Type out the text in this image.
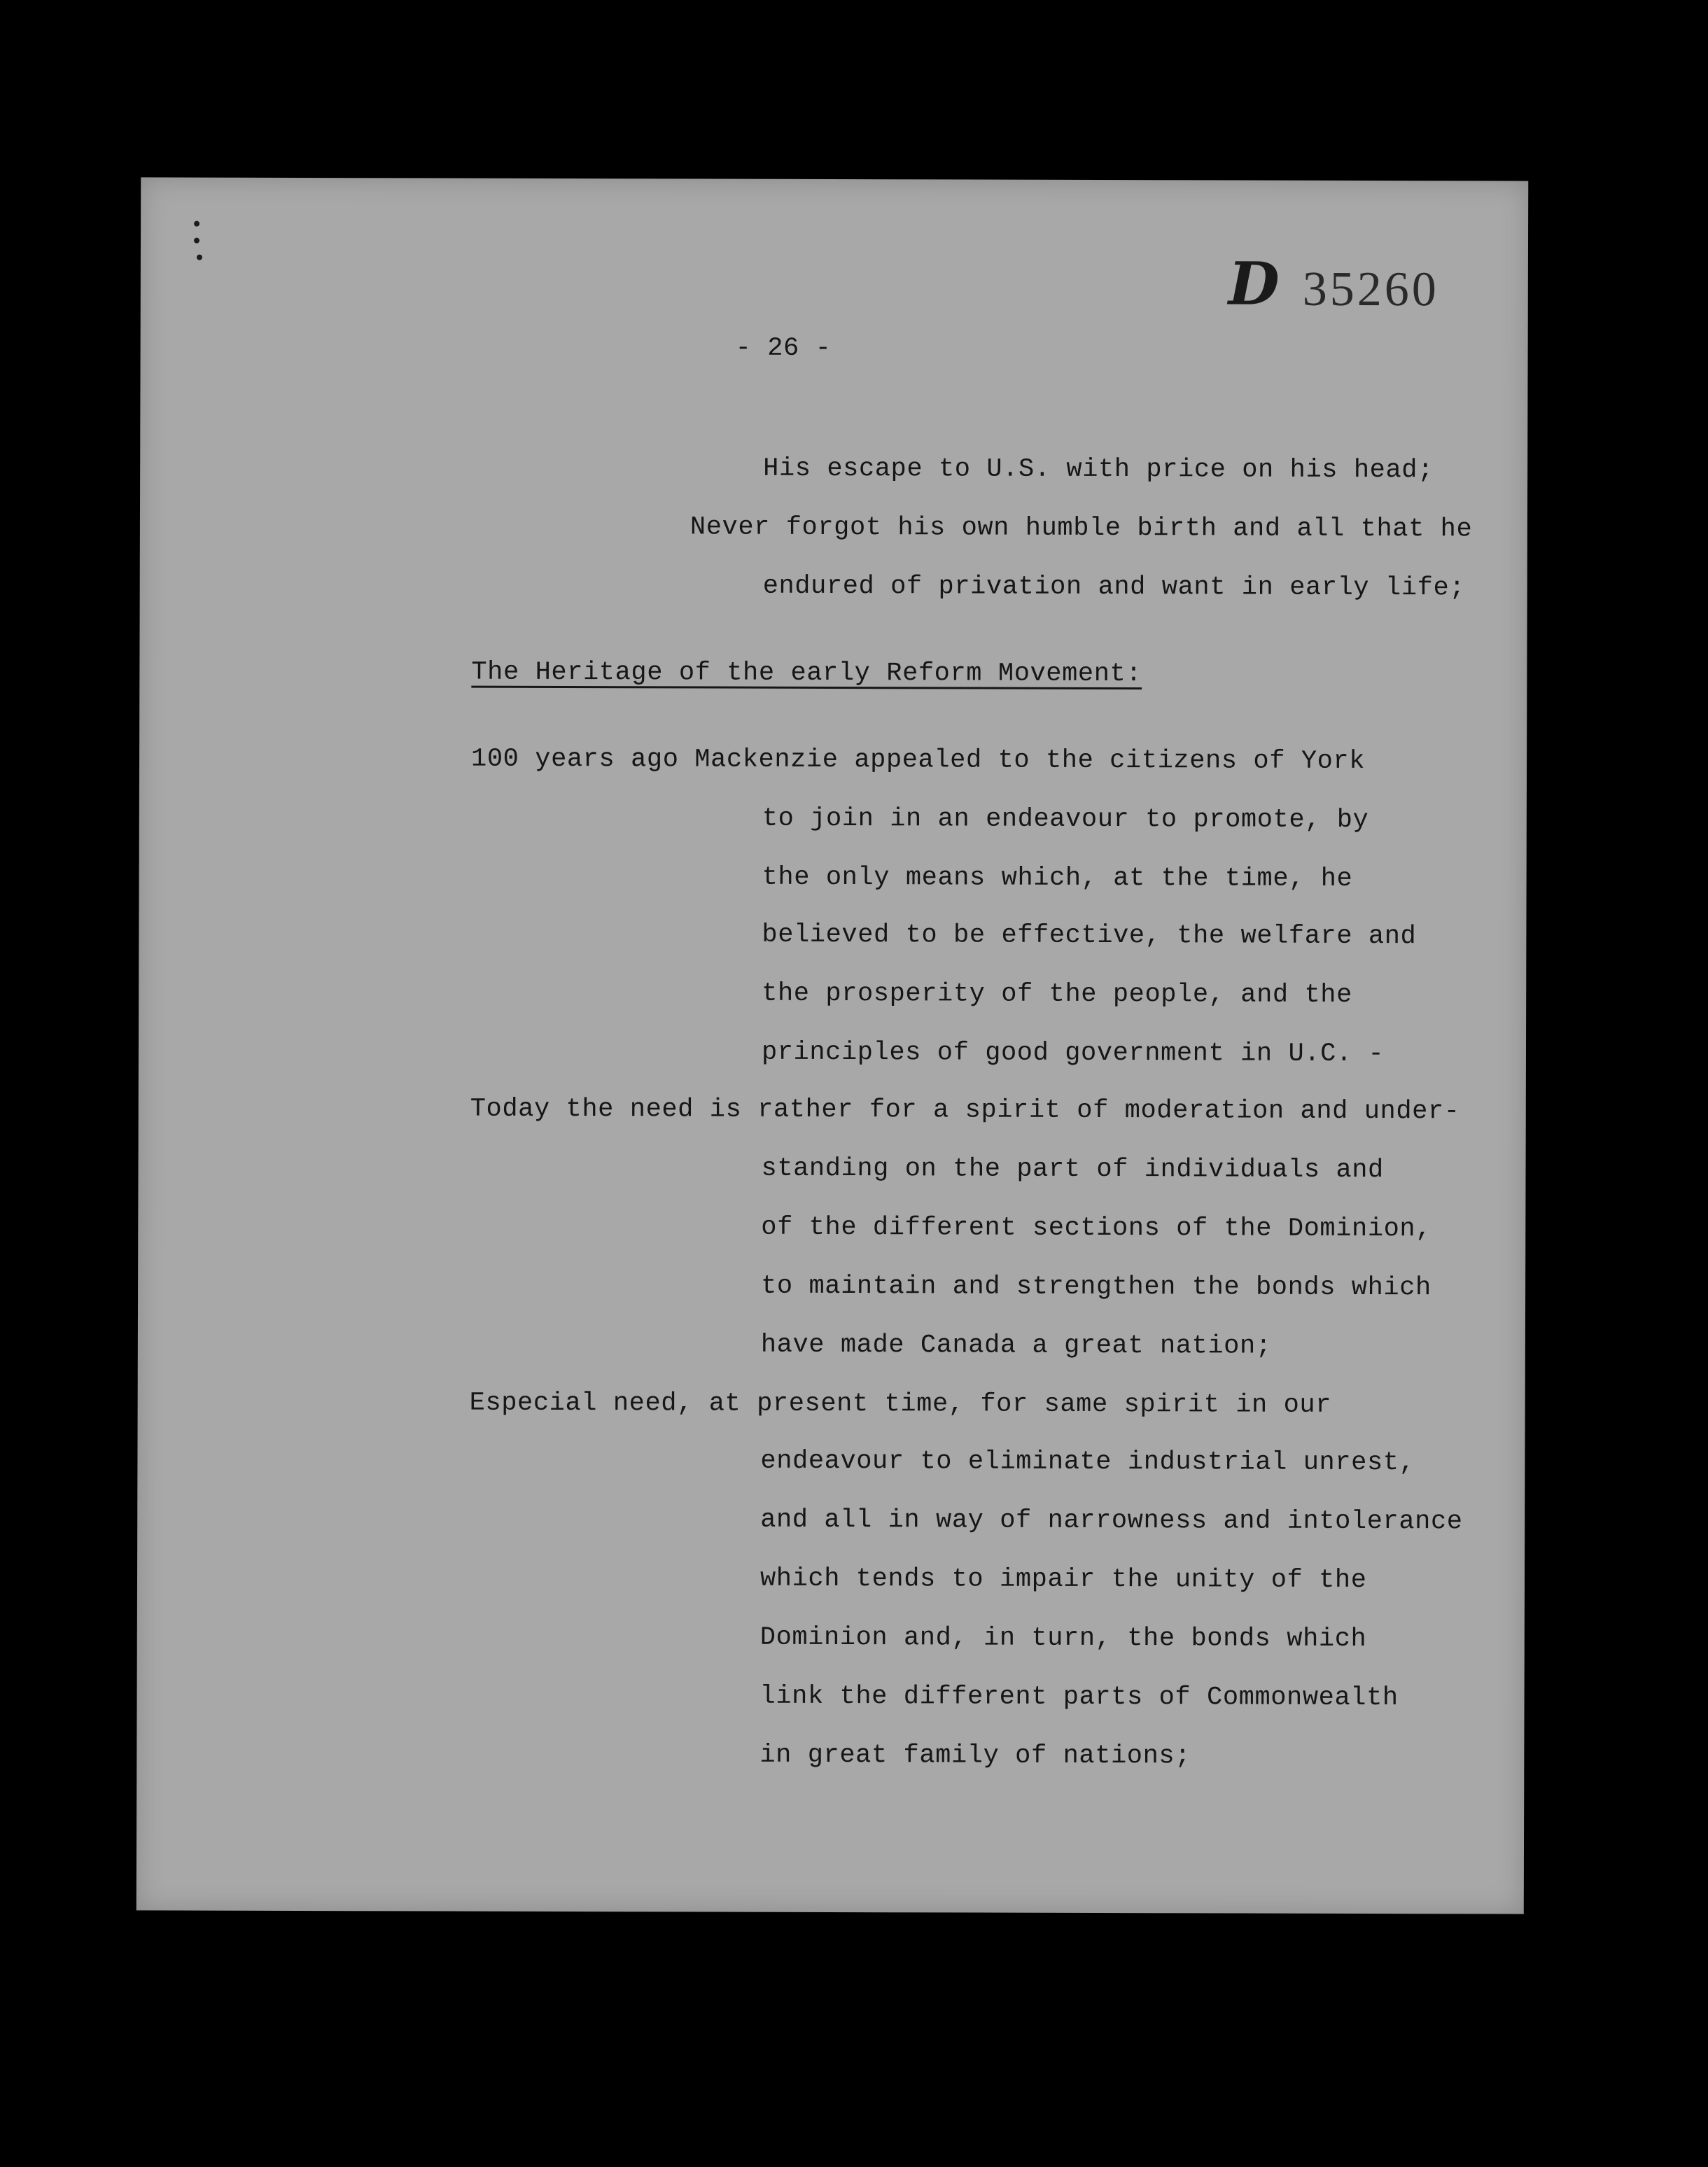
D 35260
- 26 -
His escape to U.S. with price on his head;
Never forgot his own humble birth and all that he
endured of privation and want in early life;
The Heritage of the early Reform Movement:
100 years ago Mackenzie appealed to the citizens of York
to join in an endeavour to promote, by
the only means which, at the time, he
believed to be effective, the welfare and
the prosperity of the people, and the
principles of good government in U.C. -
Today the need is rather for a spirit of moderation and under-
standing on the part of individuals and
of the different sections of the Dominion,
to maintain and strengthen the bonds which
have made Canada a great nation;
Especial need, at present time, for same spirit in our
endeavour to eliminate industrial unrest,
and all in way of narrowness and intolerance
which tends to impair the unity of the
Dominion and, in turn, the bonds which
link the different parts of Commonwealth
in great family of nations;
